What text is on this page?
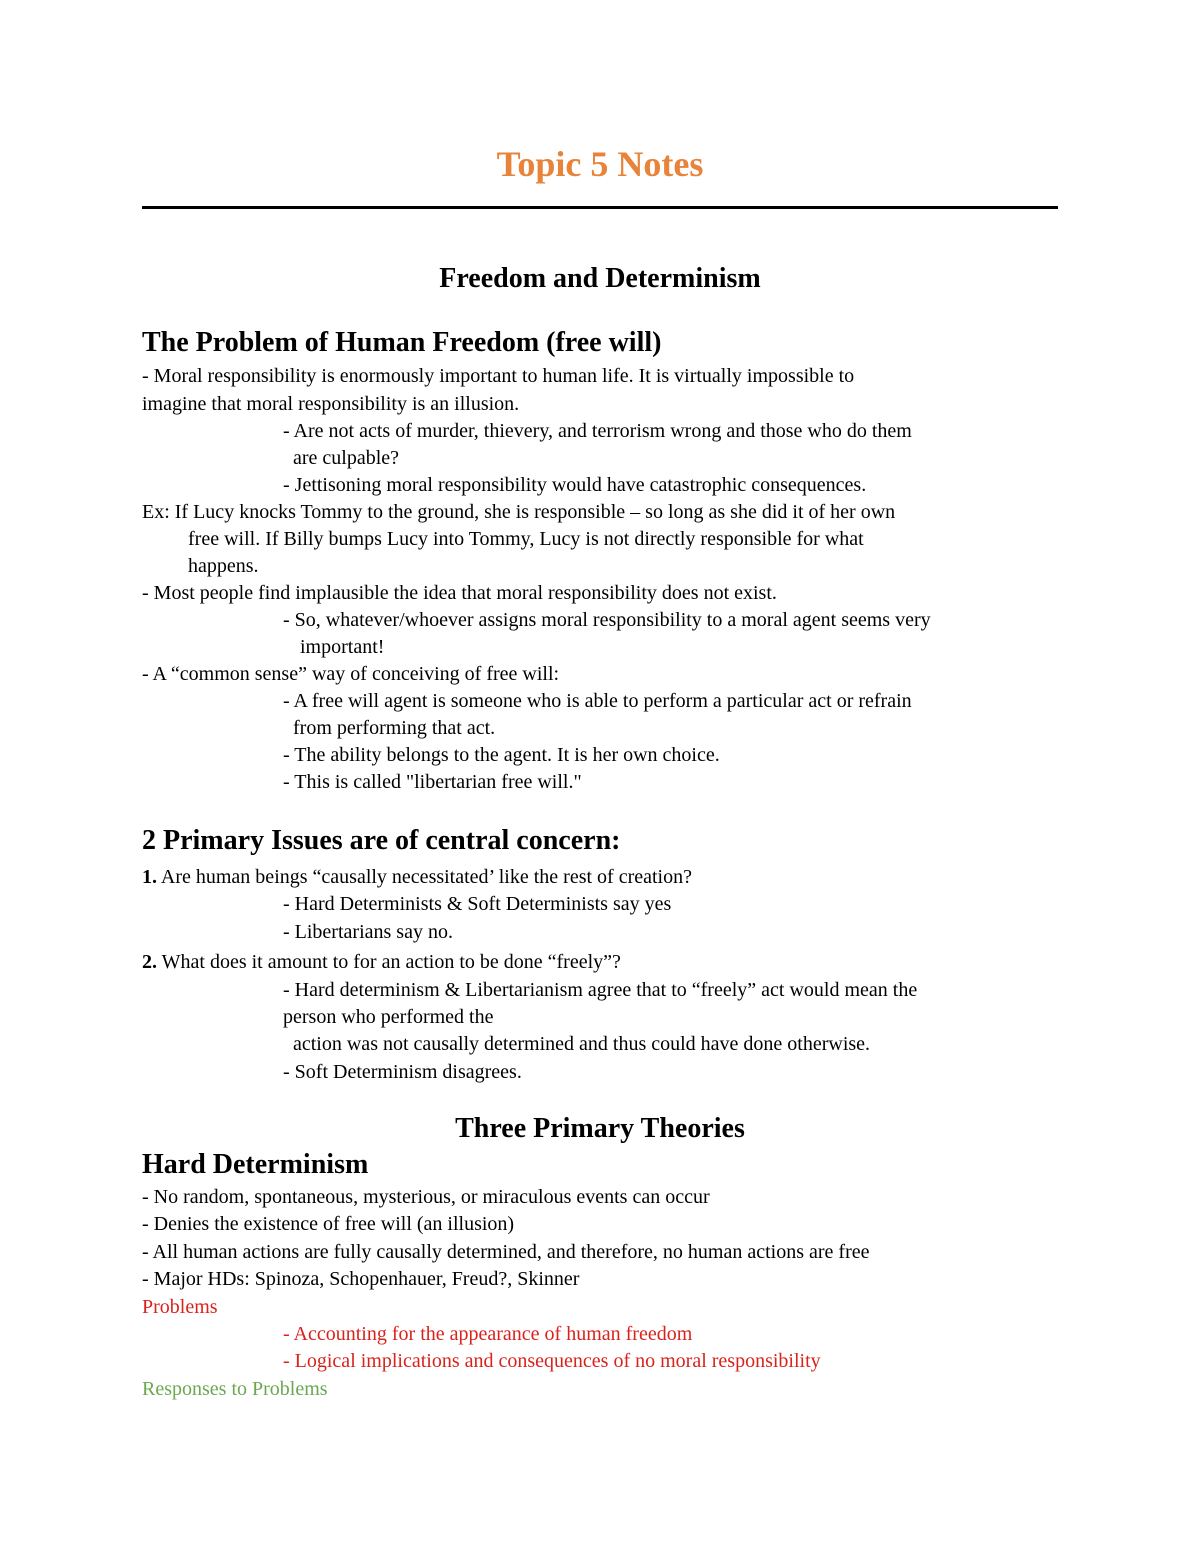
Topic 5 Notes
Freedom and Determinism
The Problem of Human Freedom (free will)

- Moral responsibility is enormously important to human life. It is virtually impossible to

imagine that moral responsibility is an illusion.

- Are not acts of murder, thievery, and terrorism wrong and those who do them

are culpable?

- Jettisoning moral responsibility would have catastrophic consequences.

Ex: If Lucy knocks Tommy to the ground, she is responsible – so long as she did it of her own

free will. If Billy bumps Lucy into Tommy, Lucy is not directly responsible for what

happens.

- Most people find implausible the idea that moral responsibility does not exist.

- So, whatever/whoever assigns moral responsibility to a moral agent seems very

important!

- A “common sense” way of conceiving of free will:

- A free will agent is someone who is able to perform a particular act or refrain

from performing that act.

- The ability belongs to the agent. It is her own choice.

- This is called "libertarian free will."

2 Primary Issues are of central concern:

1. Are human beings “causally necessitated’ like the rest of creation?

- Hard Determinists & Soft Determinists say yes

- Libertarians say no.

2. What does it amount to for an action to be done “freely”?

- Hard determinism & Libertarianism agree that to “freely” act would mean the

person who performed the

action was not causally determined and thus could have done otherwise.

- Soft Determinism disagrees.

Three Primary Theories
Hard Determinism

- No random, spontaneous, mysterious, or miraculous events can occur

- Denies the existence of free will (an illusion)

- All human actions are fully causally determined, and therefore, no human actions are free

- Major HDs: Spinoza, Schopenhauer, Freud?, Skinner

Problems

- Accounting for the appearance of human freedom

- Logical implications and consequences of no moral responsibility

Responses to Problems
